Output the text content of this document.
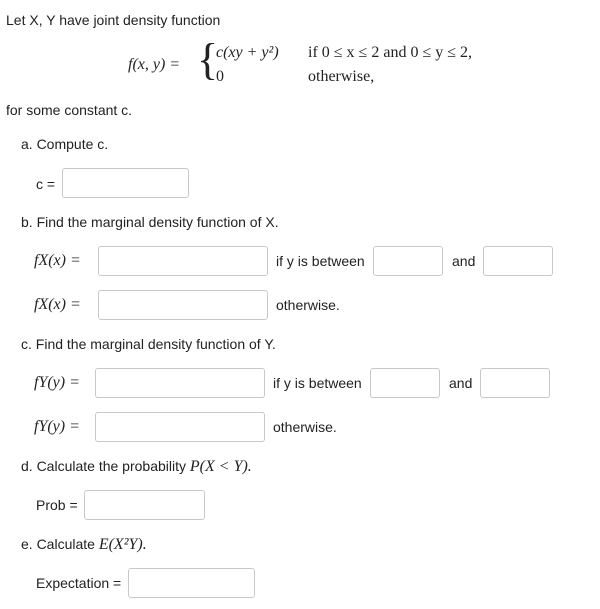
Let X, Y have joint density function
f(x, y) = {
c(xy + y²) if 0 ≤ x ≤ 2 and 0 ≤ y ≤ 2,
0	otherwise,
for some constant c.
a. Compute c.
c =
b. Find the marginal density function of X.
fX(x) =	if y is between	and
fX(x) =	otherwise.
c. Find the marginal density function of Y.
fY(y) =	if y is between	and
fY(y) =	otherwise.
d. Calculate the probability P(X < Y).
Prob =
e. Calculate E(X²Y).
Expectation =
